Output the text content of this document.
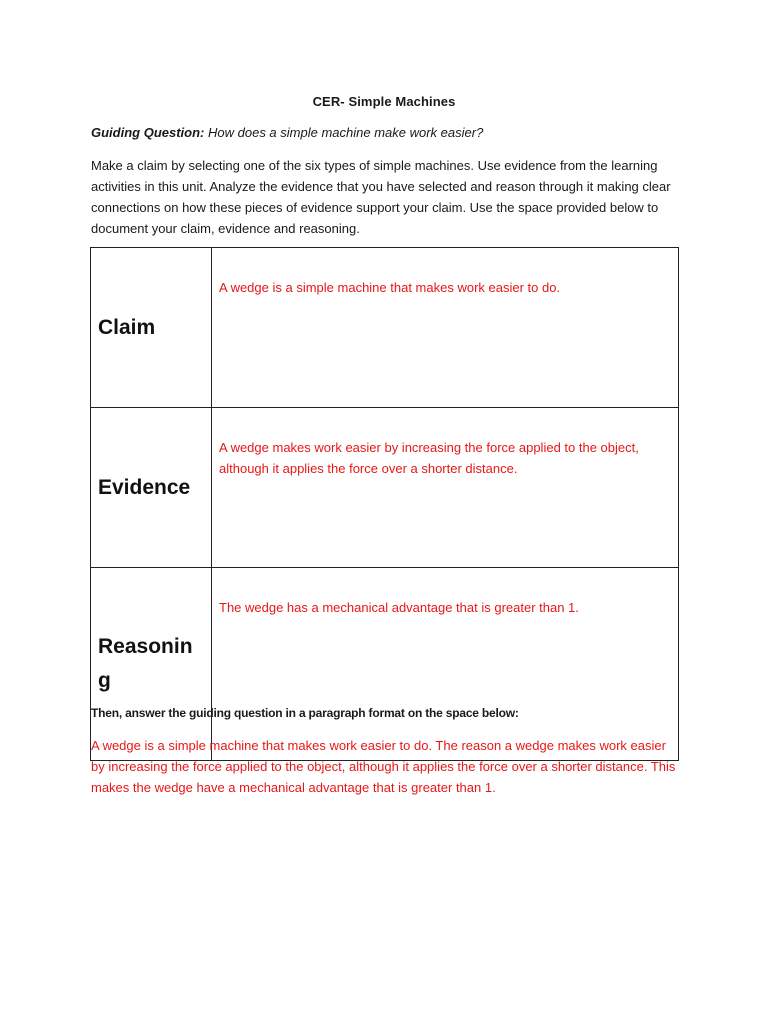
CER- Simple Machines
Guiding Question: How does a simple machine make work easier?
Make a claim by selecting one of the six types of simple machines. Use evidence from the learning activities in this unit. Analyze the evidence that you have selected and reason through it making clear connections on how these pieces of evidence support your claim. Use the space provided below to document your claim, evidence and reasoning.
Claim	A wedge is a simple machine that makes work easier to do.
Evidence	A wedge makes work easier by increasing the force applied to the object, although it applies the force over a shorter distance.
Reasoning	The wedge has a mechanical advantage that is greater than 1.
Then, answer the guiding question in a paragraph format on the space below:
A wedge is a simple machine that makes work easier to do. The reason a wedge makes work easier by increasing the force applied to the object, although it applies the force over a shorter distance. This makes the wedge have a mechanical advantage that is greater than 1.
